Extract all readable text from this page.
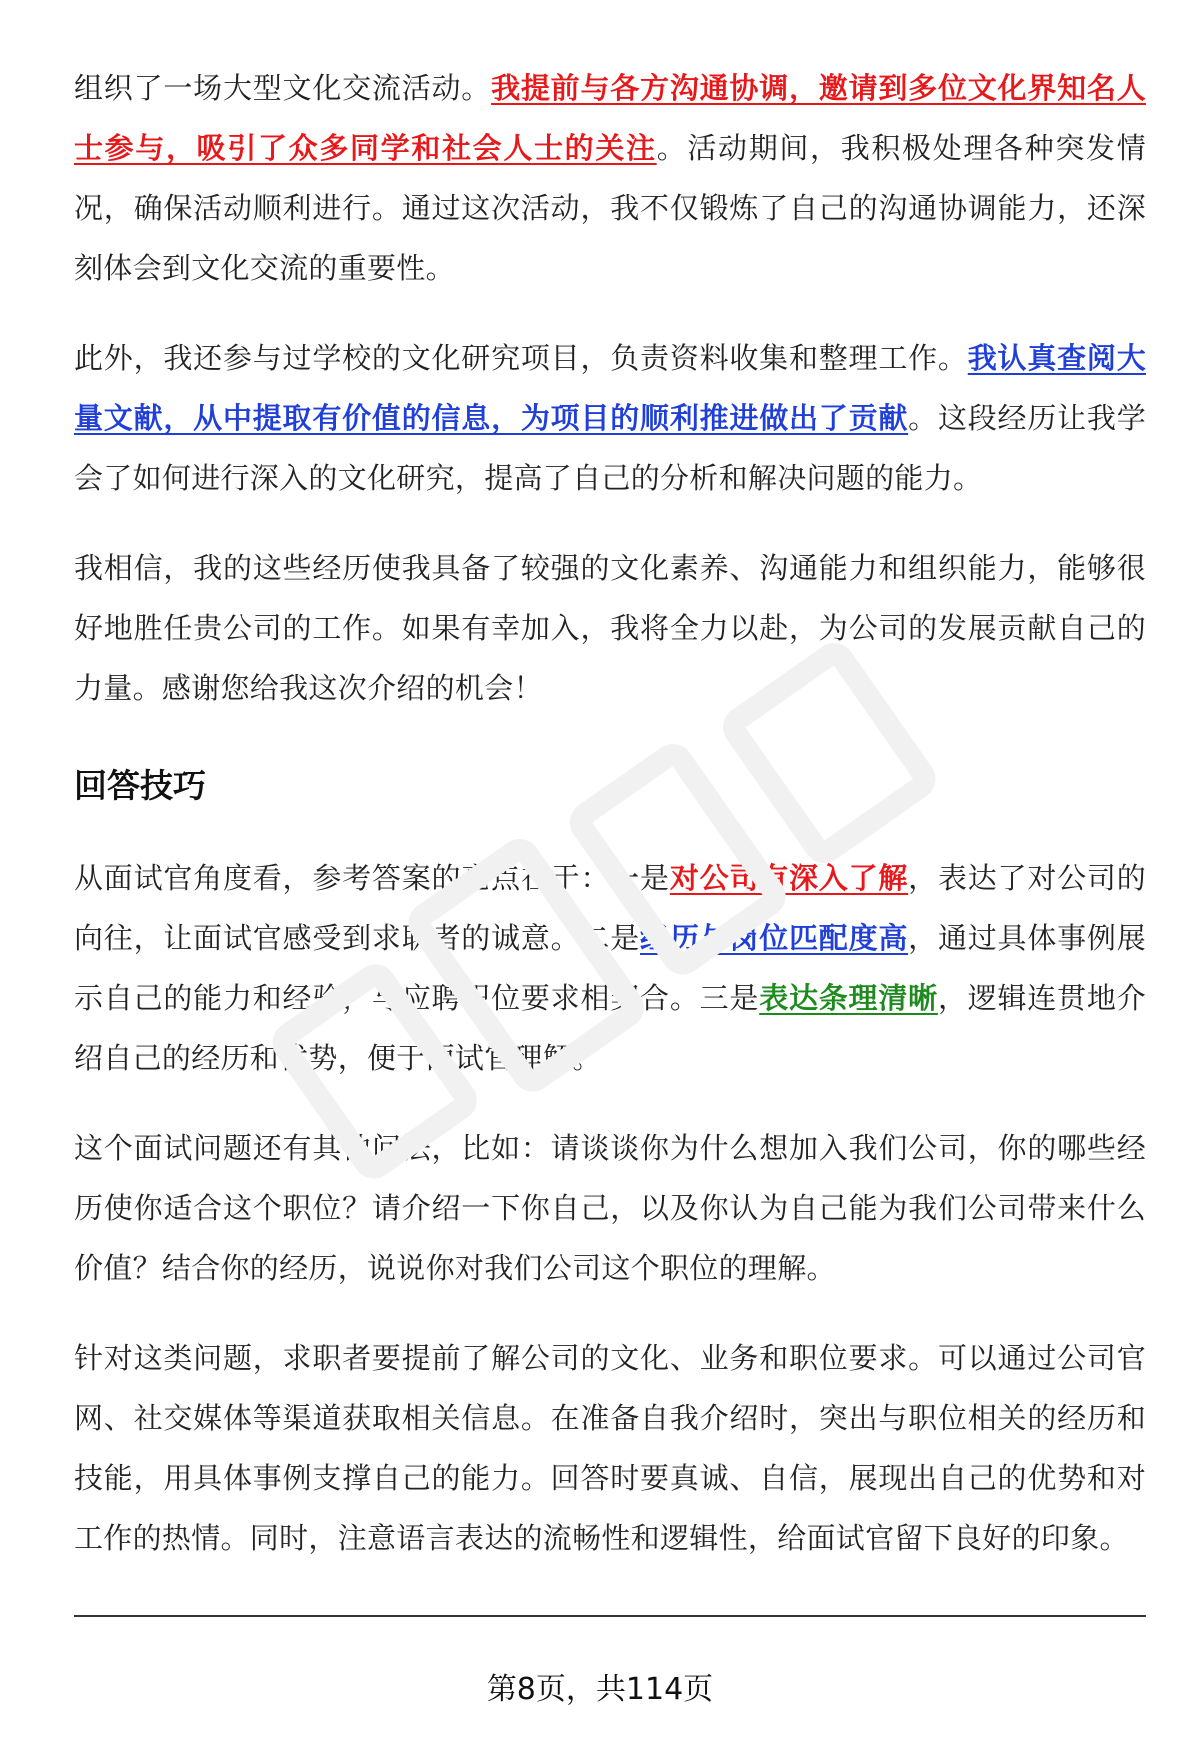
组织了一场大型文化交流活动。我提前与各方沟通协调，邀请到多位文化界知名人士参与，吸引了众多同学和社会人士的关注。活动期间，我积极处理各种突发情况，确保活动顺利进行。通过这次活动，我不仅锻炼了自己的沟通协调能力，还深刻体会到文化交流的重要性。

此外，我还参与过学校的文化研究项目，负责资料收集和整理工作。我认真查阅大量文献，从中提取有价值的信息，为项目的顺利推进做出了贡献。这段经历让我学会了如何进行深入的文化研究，提高了自己的分析和解决问题的能力。

我相信，我的这些经历使我具备了较强的文化素养、沟通能力和组织能力，能够很好地胜任贵公司的工作。如果有幸加入，我将全力以赴，为公司的发展贡献自己的力量。感谢您给我这次介绍的机会！

回答技巧

从面试官角度看，参考答案的亮点在于：一是对公司有深入了解，表达了对公司的向往，让面试官感受到求职者的诚意。二是经历与岗位匹配度高，通过具体事例展示自己的能力和经验，与应聘职位要求相契合。三是表达条理清晰，逻辑连贯地介绍自己的经历和优势，便于面试官理解。

这个面试问题还有其他问法，比如：请谈谈你为什么想加入我们公司，你的哪些经历使你适合这个职位？请介绍一下你自己，以及你认为自己能为我们公司带来什么价值？结合你的经历，说说你对我们公司这个职位的理解。

针对这类问题，求职者要提前了解公司的文化、业务和职位要求。可以通过公司官网、社交媒体等渠道获取相关信息。在准备自我介绍时，突出与职位相关的经历和技能，用具体事例支撑自己的能力。回答时要真诚、自信，展现出自己的优势和对工作的热情。同时，注意语言表达的流畅性和逻辑性，给面试官留下良好的印象。

第8页，共114页
